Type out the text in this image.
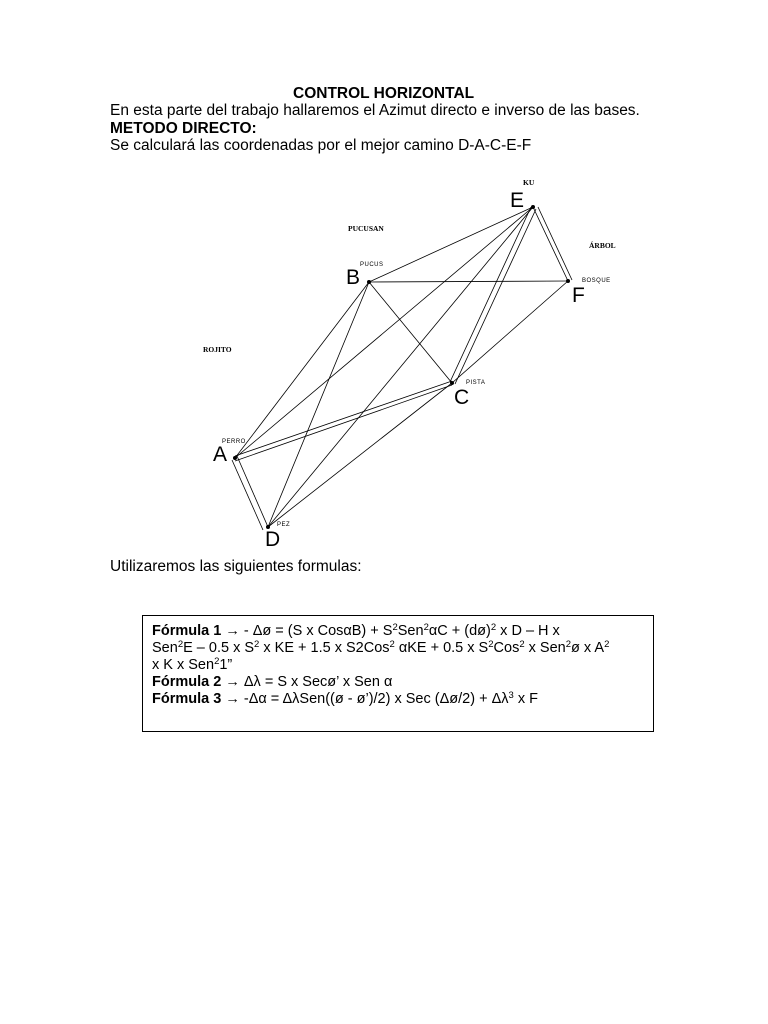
CONTROL HORIZONTAL
En esta parte del trabajo hallaremos el Azimut directo e inverso de las bases.
METODO DIRECTO:
Se calculará las coordenadas por el mejor camino D-A-C-E-F
B
E
F
C
A
D
PUCUS
BOSQUE
PISTA
PERRO
PEZ
KU
PUCUSAN
ÁRBOL
ROJITO
Utilizaremos las siguientes formulas:
Fórmula 1 → - Δø = (S x $Cos\alpha B) + S^2Sen^2\alpha C$ + (dø)$^2$ x D – H x
Sen$^2$E – 0.5 x $S^2$ x KE + 1.5 x S2Cos$^2$ αKE + 0.5 x $S^2Cos^2$ x Sen$^2$ø x $A^2$
x K x Sen$^2$1”
Fórmula 2 → Δλ = S x Secø’ x Sen α
Fórmula 3 → -Δα = ΔλSen((ø - ø’)/2) x Sec (Δø/2) + $\Delta\lambda^3$ x F
